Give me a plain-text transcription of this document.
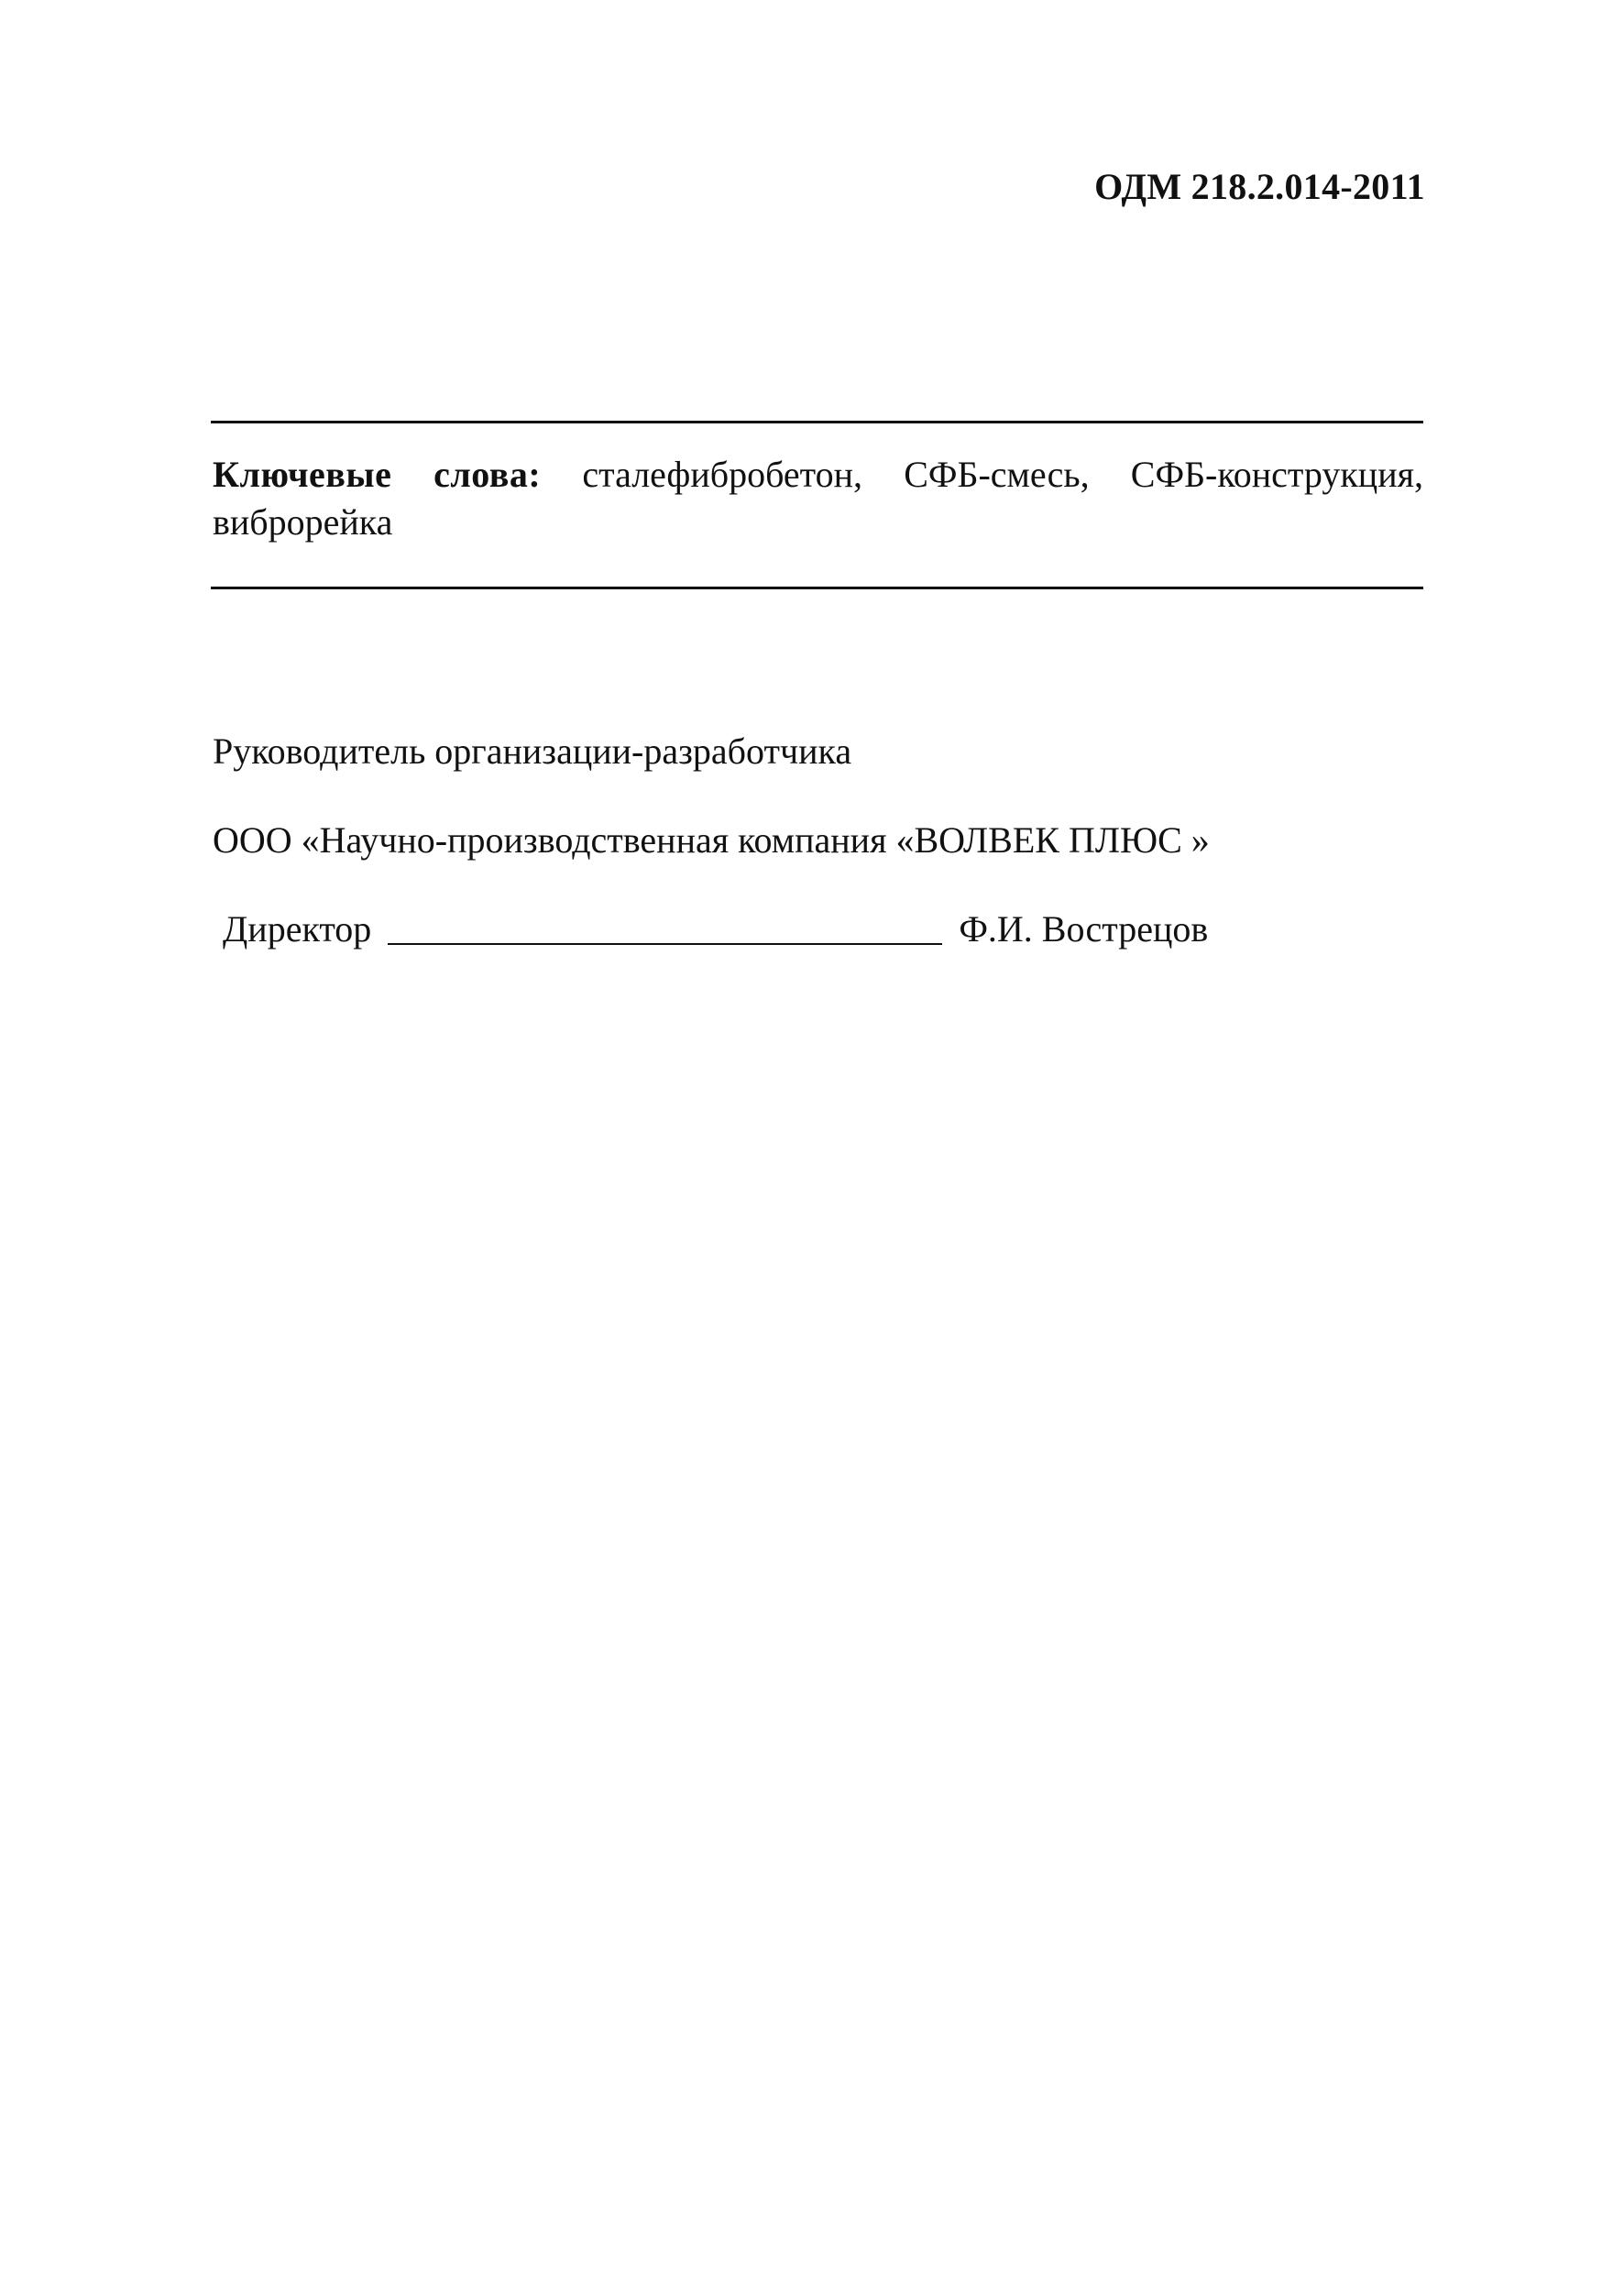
ОДМ 218.2.014-2011
Ключевые слова: сталефибробетон, СФБ-смесь, СФБ-конструкция, виброрейка
Руководитель организации-разработчика
ООО «Научно-производственная компания «ВОЛВЕК ПЛЮС »
Директор	Ф.И. Вострецов
